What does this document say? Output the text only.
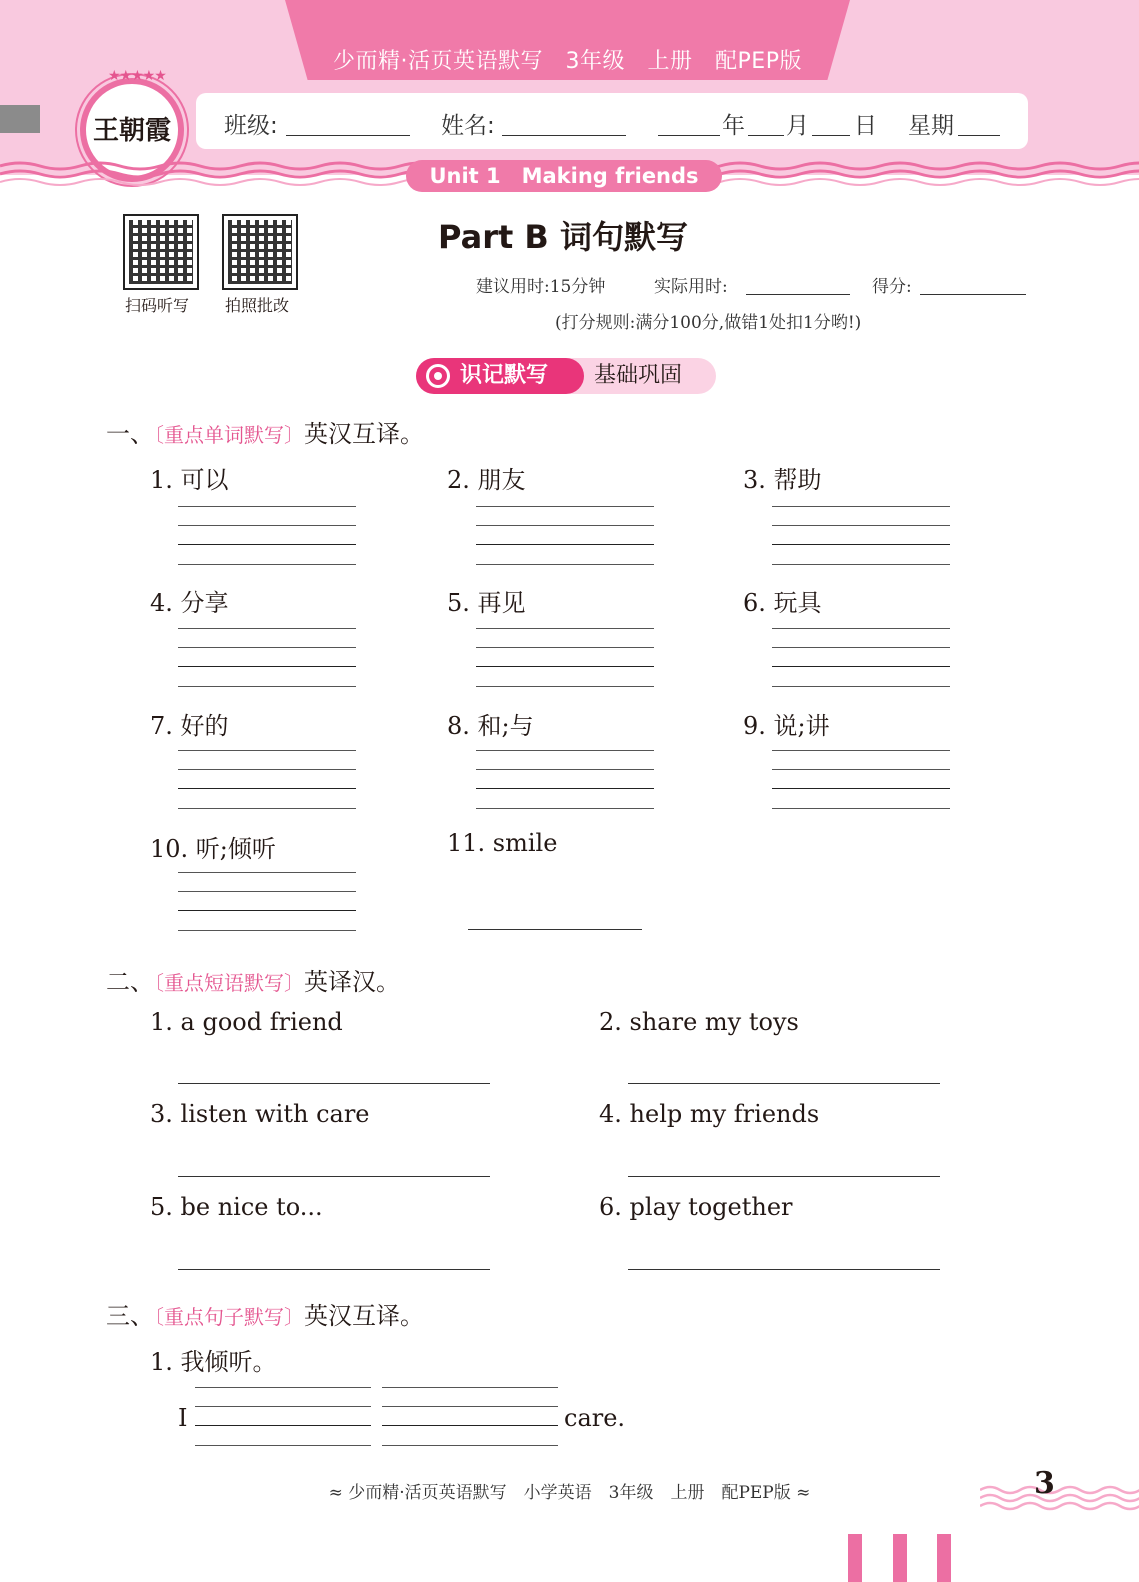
少而精·活页英语默写　3年级　上册　配PEP版
★★★★★
王朝霞	班级:	姓名:	年 月 日 星期
Unit 1　Making friends
扫码听写 拍照批改
Part B 词句默写
建议用时:15分钟	实际用时:	得分:
(打分规则:满分100分,做错1处扣1分哟!)
识记默写	基础巩固
一、〔重点单词默写〕英汉互译。
1. 可以	2. 朋友	3. 帮助
4. 分享	5. 再见	6. 玩具
7. 好的	8. 和;与	9. 说;讲
10. 听;倾听	11. smile
二、〔重点短语默写〕英译汉。
1. a good friend	2. share my toys
3. listen with care	4. help my friends
5. be nice to...	6. play together
三、〔重点句子默写〕英汉互译。
1. 我倾听。
I	care.
≈ 少而精·活页英语默写　小学英语　3年级　上册　配PEP版 ≈	3
